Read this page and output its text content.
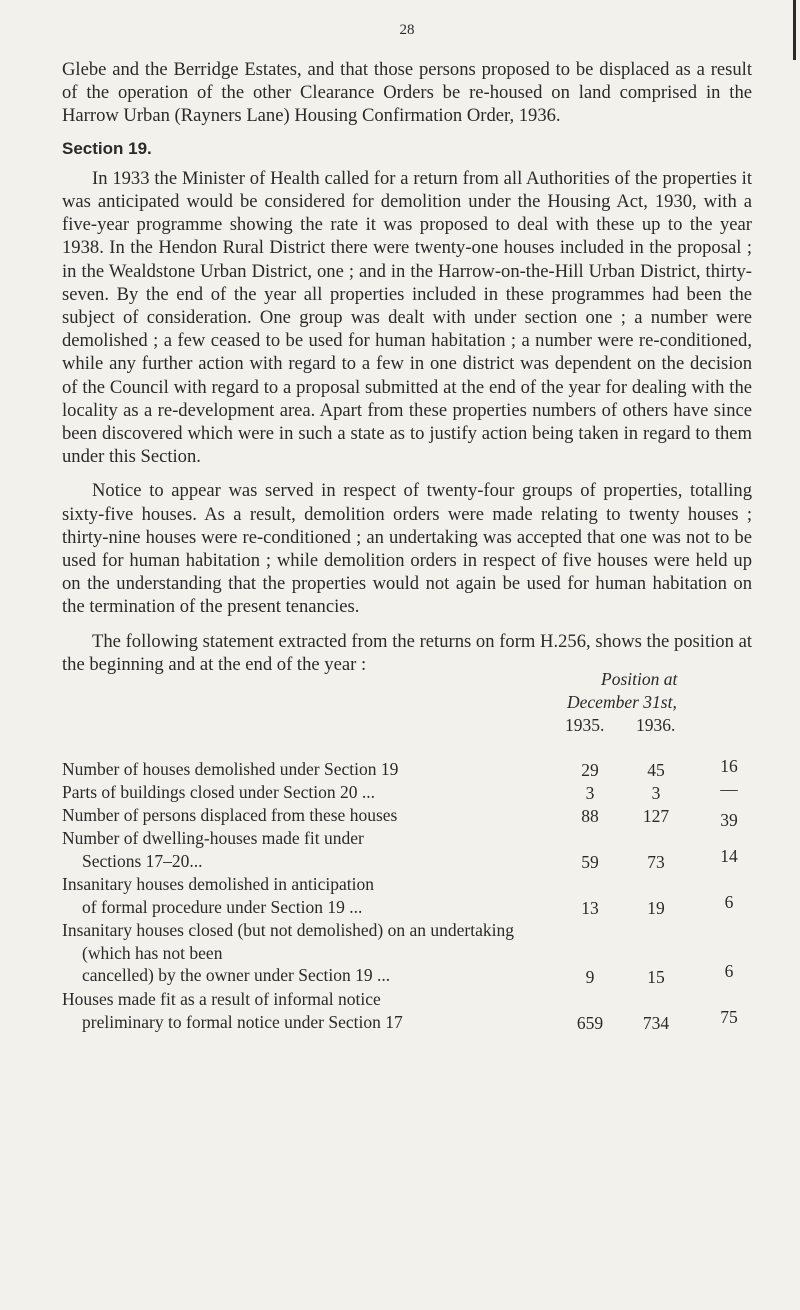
28

Glebe and the Berridge Estates, and that those persons proposed to be displaced as a result of the operation of the other Clearance Orders be re-housed on land comprised in the Harrow Urban (Rayners Lane) Housing Confirmation Order, 1936.

Section 19.

In 1933 the Minister of Health called for a return from all Authorities of the properties it was anticipated would be considered for demolition under the Housing Act, 1930, with a five-year programme showing the rate it was proposed to deal with these up to the year 1938. In the Hendon Rural District there were twenty-one houses included in the proposal ; in the Wealdstone Urban District, one ; and in the Harrow-on-the-Hill Urban District, thirty-seven. By the end of the year all properties included in these programmes had been the subject of consideration. One group was dealt with under section one ; a number were demolished ; a few ceased to be used for human habitation ; a number were re-conditioned, while any further action with regard to a few in one district was dependent on the decision of the Council with regard to a proposal submitted at the end of the year for dealing with the locality as a re-development area. Apart from these properties numbers of others have since been discovered which were in such a state as to justify action being taken in regard to them under this Section.

Notice to appear was served in respect of twenty-four groups of properties, totalling sixty-five houses. As a result, demolition orders were made relating to twenty houses ; thirty-nine houses were re-conditioned ; an undertaking was accepted that one was not to be used for human habitation ; while demolition orders in respect of five houses were held up on the understanding that the properties would not again be used for human habitation on the termination of the present tenancies.

The following statement extracted from the returns on form H.256, shows the position at the beginning and at the end of the year :

Position at
December 31st,
1935. 1936.
Number of houses demolished under Section 19	29	45	16
Parts of buildings closed under Section 20 ...	3	3	—
Number of persons displaced from these houses	88	127	39
Number of dwelling-houses made fit under
Sections 17–20...	59	73	14
Insanitary houses demolished in anticipation
of formal procedure under Section 19 ...	13	19	6
Insanitary houses closed (but not demolished) on an undertaking (which has not been
cancelled) by the owner under Section 19 ...	9	15	6
Houses made fit as a result of informal notice
preliminary to formal notice under Section 17	659	734	75
